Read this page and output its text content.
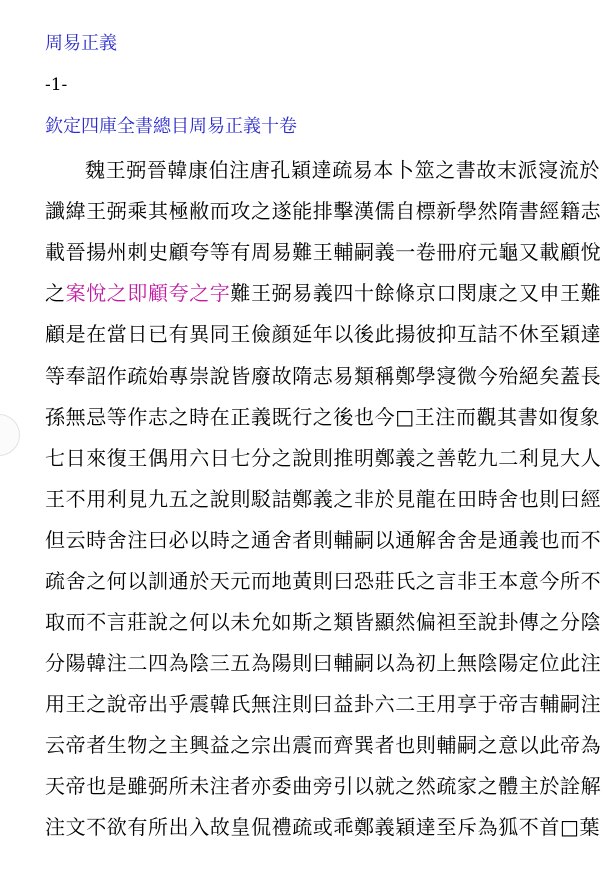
周易正義
-1-
欽定四庫全書總目周易正義十卷
魏王弼晉韓康伯注唐孔穎達疏易本卜筮之書故末派寖流於
讖緯王弼乘其極敝而攻之遂能排擊漢儒自標新學然隋書經籍志
載晉揚州刺史顧夸等有周易難王輔嗣義一卷冊府元龜又載顧悅
之案悅之即顧夸之字難王弼易義四十餘條京口閔康之又申王難
顧是在當日已有異同王儉顔延年以後此揚彼抑互詰不休至穎達
等奉詔作疏始專崇說皆廢故隋志易類稱鄭學寖微今殆絕矣蓋長
孫無忌等作志之時在正義既行之後也今□王注而觀其書如復象
七日來復王偶用六日七分之說則推明鄭義之善乾九二利見大人
王不用利見九五之說則駁詰鄭義之非於見龍在田時舍也則曰經
但云時舍注曰必以時之通舍者則輔嗣以通解舍舍是通義也而不
疏舍之何以訓通於天元而地黃則曰恐莊氏之言非王本意今所不
取而不言莊說之何以未允如斯之類皆顯然偏袒至說卦傳之分陰
分陽韓注二四為陰三五為陽則曰輔嗣以為初上無陰陽定位此注
用王之說帝出乎震韓氏無注則曰益卦六二王用享于帝吉輔嗣注
云帝者生物之主興益之宗出震而齊巽者也則輔嗣之意以此帝為
天帝也是雖弼所未注者亦委曲旁引以就之然疏家之體主於詮解
注文不欲有所出入故皇侃禮疏或乖鄭義穎達至斥為狐不首□葉
